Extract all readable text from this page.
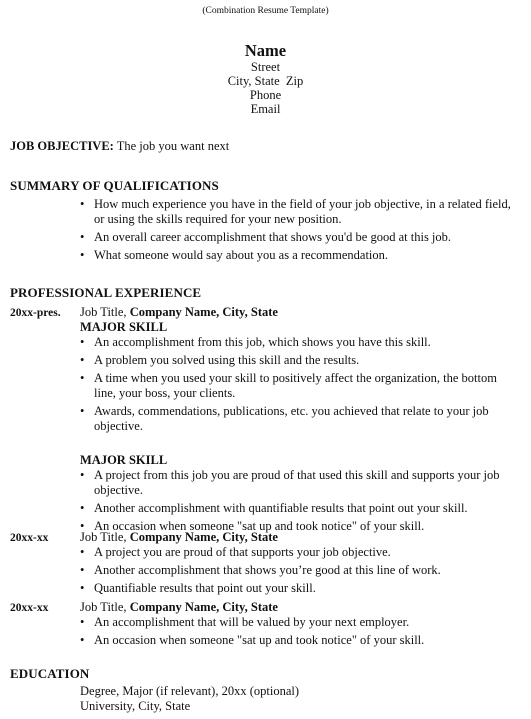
(Combination Resume Template)
Name
Street
City, State  Zip
Phone
Email
JOB OBJECTIVE: The job you want next
SUMMARY OF QUALIFICATIONS
• How much experience you have in the field of your job objective, in a related field, or using the skills required for your new position.
• An overall career accomplishment that shows you'd be good at this job.
• What someone would say about you as a recommendation.
PROFESSIONAL EXPERIENCE
20xx-pres. Job Title, Company Name, City, State
MAJOR SKILL
• An accomplishment from this job, which shows you have this skill.
• A problem you solved using this skill and the results.
• A time when you used your skill to positively affect the organization, the bottom line, your boss, your clients.
• Awards, commendations, publications, etc. you achieved that relate to your job objective.
MAJOR SKILL
• A project from this job you are proud of that used this skill and supports your job objective.
• Another accomplishment with quantifiable results that point out your skill.
• An occasion when someone "sat up and took notice" of your skill.
20xx-xx	Job Title, Company Name, City, State
• A project you are proud of that supports your job objective.
• Another accomplishment that shows you’re good at this line of work.
• Quantifiable results that point out your skill.
20xx-xx	Job Title, Company Name, City, State
• An accomplishment that will be valued by your next employer.
• An occasion when someone "sat up and took notice" of your skill.
EDUCATION
Degree, Major (if relevant), 20xx (optional)
University, City, State
